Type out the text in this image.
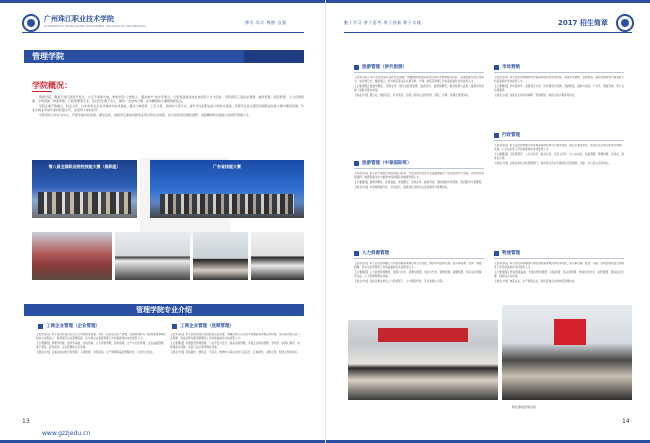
广州珠江职业技术学院
GUANGZHOU PEARL-RIVER VOCATIONAL COLLEGE OF TECHNOLOGY
博学 笃实 尊德 自强
管理学院
学院概况：

管理学院，服务于珠江经济开发区，立足于南粤大地，秉承学院“立德树人、服务地方”的办学理念，以培养高素质技术技能型人才为目标。学院现有工商企业管理、旅游管理、酒店管理、人力资源管理、市场营销、物流管理、行政管理等专业，在校学生两千余人，拥有一支结构合理、业务精湛的专兼职教师队伍。

学院注重产教融合、校企合作，与多家知名企业共建校外实训基地，通过订单培养、工学交替、顶岗实习等方式，提升学生的职业能力和综合素质。学院学生在全国及省级职业技能大赛中屡获佳绩，毕业生就业率常年保持较高水平，深受用人单位好评。

学院坚持以学生为中心，开展丰富多彩的第二课堂活动，鼓励学生参加创新创业项目和社会实践，努力培养具有国际视野、创新精神和实践能力的现代管理人才。

第八届全国职业院校技能大赛（高职组）	广东省技能大赛
管理学院专业介绍
工商企业管理（企业管理）

【培养目标】本专业培养适应社会主义市场经济需要，具有一定的企业生产管理、营销管理和人力资源管理等理论知识与实践能力，熟悉现代企业管理流程，能从事企业基层管理工作的高素质技术技能型人才。

【主要课程】管理学原理、经济学基础、市场营销、人力资源管理、财务管理、生产与运作管理、企业战略管理、电子商务、商务谈判、企业管理综合实训等。

【就业方向】企事业单位的行政管理、人事管理、市场营销、生产管理等基层管理岗位，以及自主创业。

工商企业管理（连锁管理）

【培养目标】本专业培养适应连锁经营企业需要，掌握连锁门店运营与管理的基本理论和技能，能从事连锁企业门店管理、商品采购与配送管理等工作的高素质技术技能型人才。

【主要课程】连锁经营管理原理、门店开发与设计、商品采购管理、连锁企业物流管理、零售学、消费心理学、市场调查与预测、连锁门店运营管理实训等。

【就业方向】连锁超市、便利店、专卖店、购物中心等企业的门店店长、区域督导、采购主管、配送主管等岗位。

13
www.gzzjedu.cn
勤于学习 善于思考 勇于创新 敢于实践	2017 招生简章
旅游管理（涉外旅游）

【培养目标】本专业培养具有良好职业道德，掌握旅游管理基本理论和涉外旅游服务技能，具备较强外语应用能力，能在旅行社、旅游景区、涉外酒店等企业从事导游、计调、销售及管理工作的高素质技术技能型人才。

【主要课程】旅游学概论、导游业务、旅行社经营管理、旅游英语、客源国概况、旅游政策与法规、旅游市场营销、模拟导游实训等。

【就业方向】旅行社、旅游景区、涉外酒店、会展公司等企业的导游、领队、计调、营销及管理岗位。

旅游管理（中泰国际班）

【培养目标】本专业与泰国合作院校联合培养，学生在国内完成专业基础课程学习后赴泰国学习实践，培养具有国际视野、熟悉泰国文化与旅游市场的国际化旅游管理人才。

【主要课程】旅游学概论、泰语基础、泰国概况、导游业务、旅游英语、国际旅游市场营销、酒店服务与管理等。

【就业方向】中泰两国旅行社、涉外酒店、旅游景区及相关企业的服务与管理岗位。

人力资源管理

【培养目标】本专业培养掌握人力资源管理基本理论和专业技能，熟悉劳动法律法规，能从事招聘、培训、绩效、薪酬、劳动关系管理等工作的高素质技术技能型人才。

【主要课程】人力资源管理概论、组织行为学、招聘与配置、培训与开发、绩效管理、薪酬管理、劳动关系管理、劳动法、人力资源管理实训等。

【就业方向】各类企事业单位人力资源部门、人才服务机构、劳务派遣公司等。

市场营销

【培养目标】本专业培养掌握市场营销基本理论和实务技能，具备市场调研、营销策划、销售管理和客户服务能力的高素质技术技能型人才。

【主要课程】市场营销学、消费者行为学、市场调查与预测、营销策划、推销与谈判、广告学、网络营销、客户关系管理等。

【就业方向】各类企业的市场调研、营销策划、销售及客户服务等岗位。

行政管理

【培养目标】本专业培养掌握行政管理基本理论和办公事务技能，能在企事业单位、政府机关从事行政事务管理、文秘、公共关系等工作的高素质技术技能型人才。

【主要课程】行政管理学、公共关系学、秘书实务、应用文写作、办公自动化、档案管理、管理沟通、行政法、商务礼仪等。

【就业方向】企事业单位行政管理部门、政府机关及社会组织的行政助理、文秘、办公室主任等岗位。

物流管理

【培养目标】本专业培养掌握现代物流管理基本理论和实务技能，能从事仓储、配送、运输、采购及物流信息管理等工作的高素质技术技能型人才。

【主要课程】物流管理基础、仓储与配送管理、运输管理、供应链管理、物流信息技术、采购管理、国际货运代理、物流综合实训等。

【就业方向】物流企业、生产制造企业、商贸流通企业的物流管理岗位。

师生参加党建活动
14
